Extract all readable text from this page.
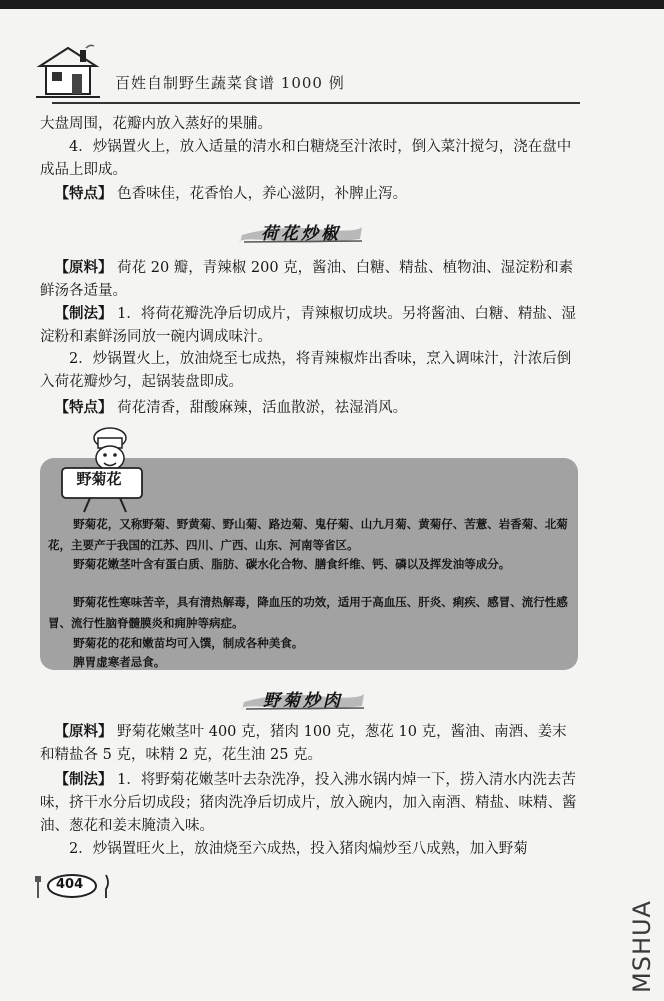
百姓自制野生蔬菜食谱 1000 例

大盘周围，花瓣内放入蒸好的果脯。

4．炒锅置火上，放入适量的清水和白糖烧至汁浓时，倒入菜汁搅匀，浇在盘中成品上即成。

【特点】 色香味佳，花香怡人，养心滋阴，补脾止泻。

荷花炒椒

【原料】 荷花 20 瓣，青辣椒 200 克，酱油、白糖、精盐、植物油、湿淀粉和素鲜汤各适量。

【制法】 1．将荷花瓣洗净后切成片，青辣椒切成块。另将酱油、白糖、精盐、湿淀粉和素鲜汤同放一碗内调成味汁。

2．炒锅置火上，放油烧至七成热，将青辣椒炸出香味，烹入调味汁，汁浓后倒入荷花瓣炒匀，起锅装盘即成。

【特点】 荷花清香，甜酸麻辣，活血散淤，祛湿消风。

野菊花

野菊花，又称野菊、野黄菊、野山菊、路边菊、鬼仔菊、山九月菊、黄菊仔、苦薏、岩香菊、北菊花，主要产于我国的江苏、四川、广西、山东、河南等省区。

野菊花嫩茎叶含有蛋白质、脂肪、碳水化合物、膳食纤维、钙、磷以及挥发油等成分。

野菊花性寒味苦辛，具有清热解毒，降血压的功效，适用于高血压、肝炎、痢疾、感冒、流行性感冒、流行性脑脊髓膜炎和痈肿等病症。

野菊花的花和嫩苗均可入馔，制成各种美食。

脾胃虚寒者忌食。

野菊炒肉

【原料】 野菊花嫩茎叶 400 克，猪肉 100 克，葱花 10 克，酱油、南酒、姜末和精盐各 5 克，味精 2 克，花生油 25 克。

【制法】 1．将野菊花嫩茎叶去杂洗净，投入沸水锅内焯一下，捞入清水内洗去苦味，挤干水分后切成段；猪肉洗净后切成片，放入碗内，加入南酒、精盐、味精、酱油、葱花和姜末腌渍入味。

2．炒锅置旺火上，放油烧至六成热，投入猪肉煸炒至八成熟，加入野菊

404
MSHUA
